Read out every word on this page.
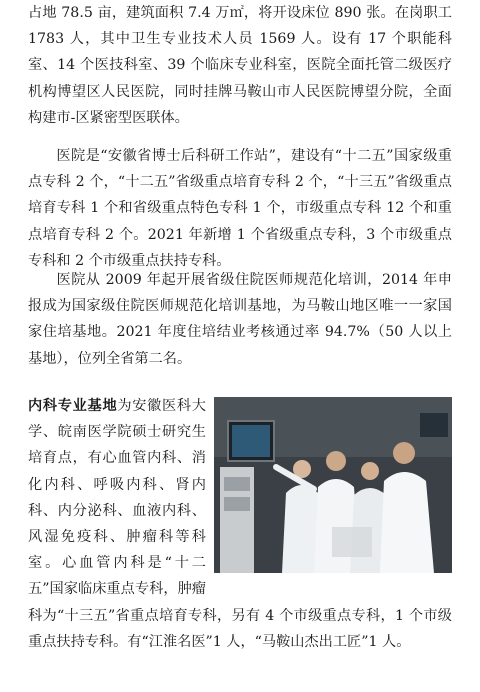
占地 78.5 亩，建筑面积 7.4 万㎡，将开设床位 890 张。在岗职工 1783 人，其中卫生专业技术人员 1569 人。设有 17 个职能科室、14 个医技科室、39 个临床专业科室，医院全面托管二级医疗机构博望区人民医院，同时挂牌马鞍山市人民医院博望分院，全面构建市-区紧密型医联体。

医院是“安徽省博士后科研工作站”，建设有“十二五”国家级重点专科 2 个，“十二五”省级重点培育专科 2 个，“十三五”省级重点培育专科 1 个和省级重点特色专科 1 个，市级重点专科 12 个和重点培育专科 2 个。2021 年新增 1 个省级重点专科，3 个市级重点专科和 2 个市级重点扶持专科。

医院从 2009 年起开展省级住院医师规范化培训，2014 年申报成为国家级住院医师规范化培训基地，为马鞍山地区唯一一家国家住培基地。2021 年度住培结业考核通过率 94.7%（50 人以上基地），位列全省第二名。

内科专业基地为安徽医科大学、皖南医学院硕士研究生培育点，有心血管内科、消化内科、呼吸内科、肾内科、内分泌科、血液内科、风湿免疫科、肿瘤科等科室。心血管内科是“十二五”国家临床重点专科，肿瘤科为“十三五”省重点培育专科，另有 4 个市级重点专科，1 个市级重点扶持专科。有“江淮名医”1 人，“马鞍山杰出工匠”1 人。
